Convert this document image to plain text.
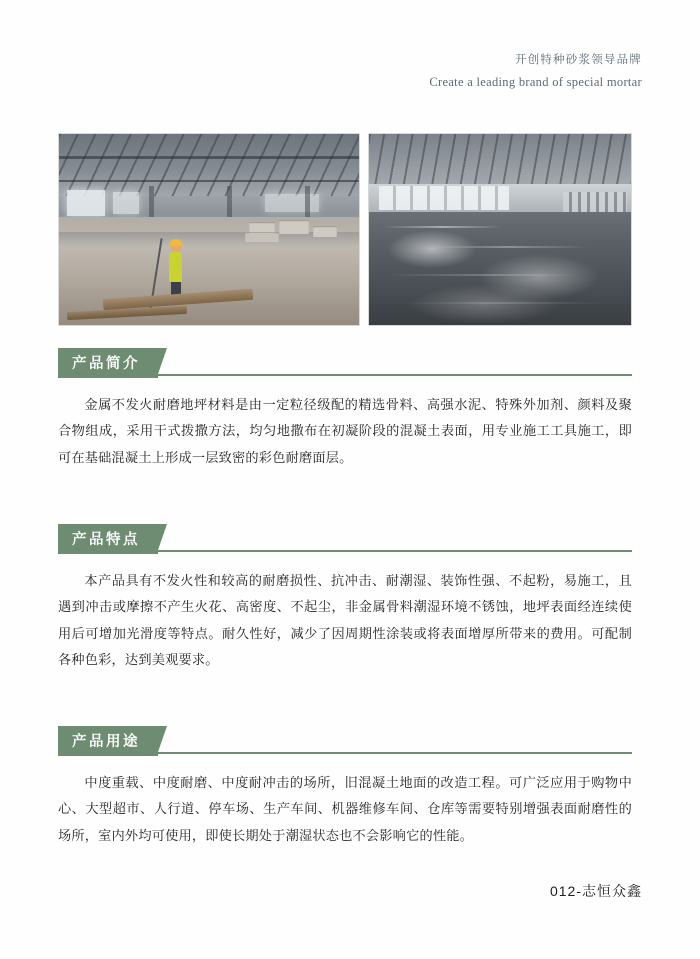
开创特种砂浆领导品牌
Create a leading brand of special mortar
产品简介
金属不发火耐磨地坪材料是由一定粒径级配的精选骨料、高强水泥、特殊外加剂、颜料及聚合物组成，采用干式拨撒方法，均匀地撒布在初凝阶段的混凝土表面，用专业施工工具施工，即可在基础混凝土上形成一层致密的彩色耐磨面层。
产品特点
本产品具有不发火性和较高的耐磨损性、抗冲击、耐潮湿、装饰性强、不起粉，易施工，且遇到冲击或摩擦不产生火花、高密度、不起尘，非金属骨料潮湿环境不锈蚀，地坪表面经连续使用后可增加光滑度等特点。耐久性好，减少了因周期性涂装或将表面增厚所带来的费用。可配制各种色彩，达到美观要求。
产品用途
中度重载、中度耐磨、中度耐冲击的场所，旧混凝土地面的改造工程。可广泛应用于购物中心、大型超市、人行道、停车场、生产车间、机器维修车间、仓库等需要特别增强表面耐磨性的场所，室内外均可使用，即使长期处于潮湿状态也不会影响它的性能。
012-志恒众鑫
